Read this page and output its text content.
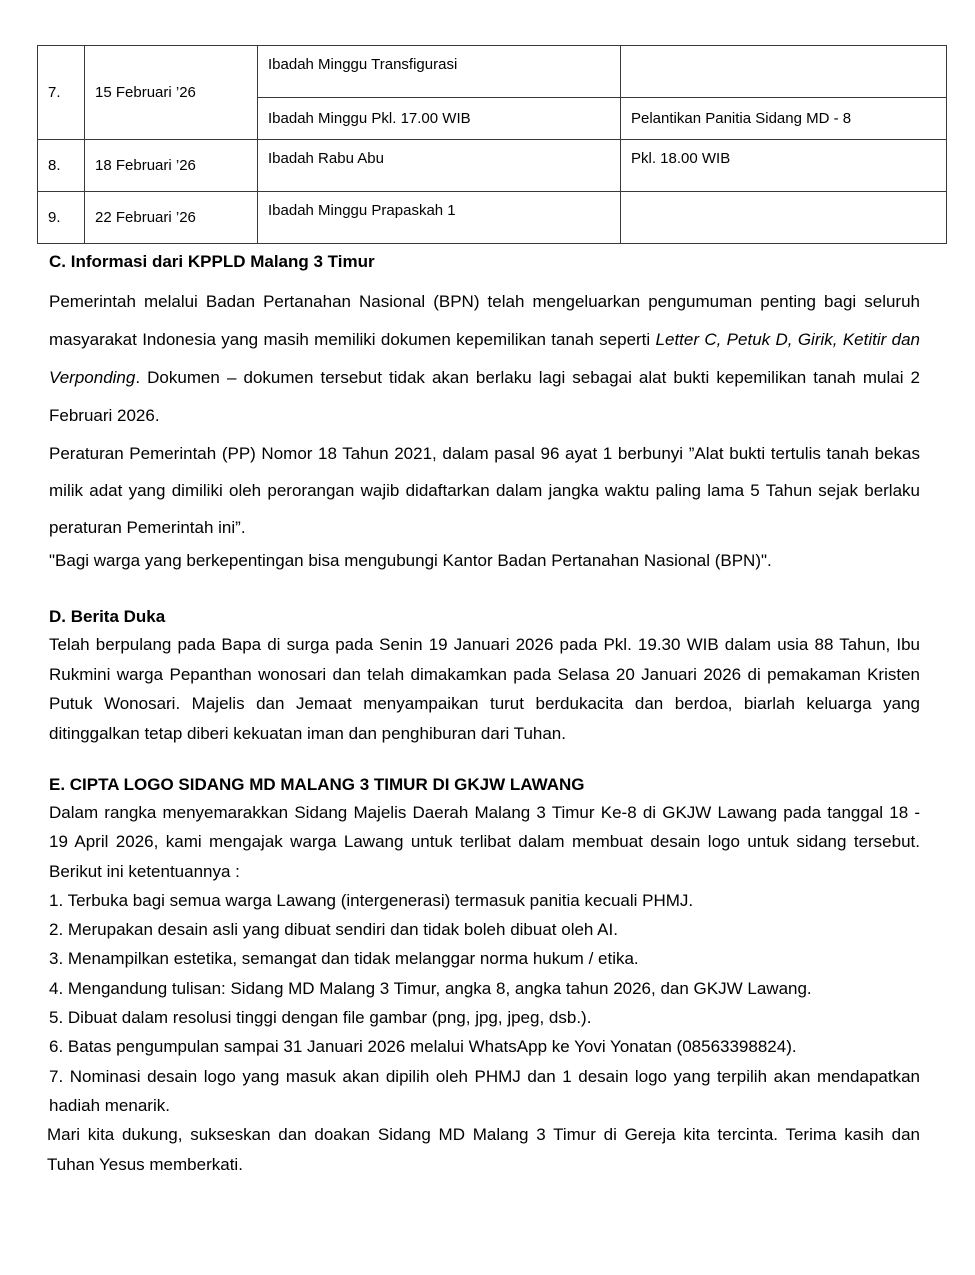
7.	15 Februari ’26	Ibadah Minggu Transfigurasi	
		Ibadah Minggu Pkl. 17.00 WIB	Pelantikan Panitia Sidang MD - 8
8.	18 Februari ’26	Ibadah Rabu Abu	Pkl. 18.00 WIB
9.	22 Februari ’26	Ibadah Minggu Prapaskah 1	
C. Informasi dari KPPLD Malang 3 Timur

Pemerintah melalui Badan Pertanahan Nasional (BPN) telah mengeluarkan pengumuman penting bagi seluruh masyarakat Indonesia yang masih memiliki dokumen kepemilikan tanah seperti Letter C, Petuk D, Girik, Ketitir dan Verponding. Dokumen – dokumen tersebut tidak akan berlaku lagi sebagai alat bukti kepemilikan tanah mulai 2 Februari 2026.

Peraturan Pemerintah (PP) Nomor 18 Tahun 2021, dalam pasal 96 ayat 1 berbunyi ”Alat bukti tertulis tanah bekas milik adat yang dimiliki oleh perorangan wajib didaftarkan dalam jangka waktu paling lama 5 Tahun sejak berlaku peraturan Pemerintah ini”.

"Bagi warga yang berkepentingan bisa mengubungi Kantor Badan Pertanahan Nasional (BPN)".

D. Berita Duka

Telah berpulang pada Bapa di surga pada Senin 19 Januari 2026 pada Pkl. 19.30 WIB dalam usia 88 Tahun, Ibu Rukmini warga Pepanthan wonosari dan telah dimakamkan pada Selasa 20 Januari 2026 di pemakaman Kristen Putuk Wonosari. Majelis dan Jemaat menyampaikan turut berdukacita dan berdoa, biarlah keluarga yang ditinggalkan tetap diberi kekuatan iman dan penghiburan dari Tuhan.

E. CIPTA LOGO SIDANG MD MALANG 3 TIMUR DI GKJW LAWANG

Dalam rangka menyemarakkan Sidang Majelis Daerah Malang 3 Timur Ke-8 di GKJW Lawang pada tanggal 18 - 19 April 2026, kami mengajak warga Lawang untuk terlibat dalam membuat desain logo untuk sidang tersebut. Berikut ini ketentuannya :

1. Terbuka bagi semua warga Lawang (intergenerasi) termasuk panitia kecuali PHMJ.
2. Merupakan desain asli yang dibuat sendiri dan tidak boleh dibuat oleh AI.
3. Menampilkan estetika, semangat dan tidak melanggar norma hukum / etika.
4. Mengandung tulisan: Sidang MD Malang 3 Timur, angka 8, angka tahun 2026, dan GKJW Lawang.
5. Dibuat dalam resolusi tinggi dengan file gambar (png, jpg, jpeg, dsb.).
6. Batas pengumpulan sampai 31 Januari 2026 melalui WhatsApp ke Yovi Yonatan (08563398824).
7. Nominasi desain logo yang masuk akan dipilih oleh PHMJ dan 1 desain logo yang terpilih akan mendapatkan hadiah menarik.

Mari kita dukung, sukseskan dan doakan Sidang MD Malang 3 Timur di Gereja kita tercinta. Terima kasih dan Tuhan Yesus memberkati.
